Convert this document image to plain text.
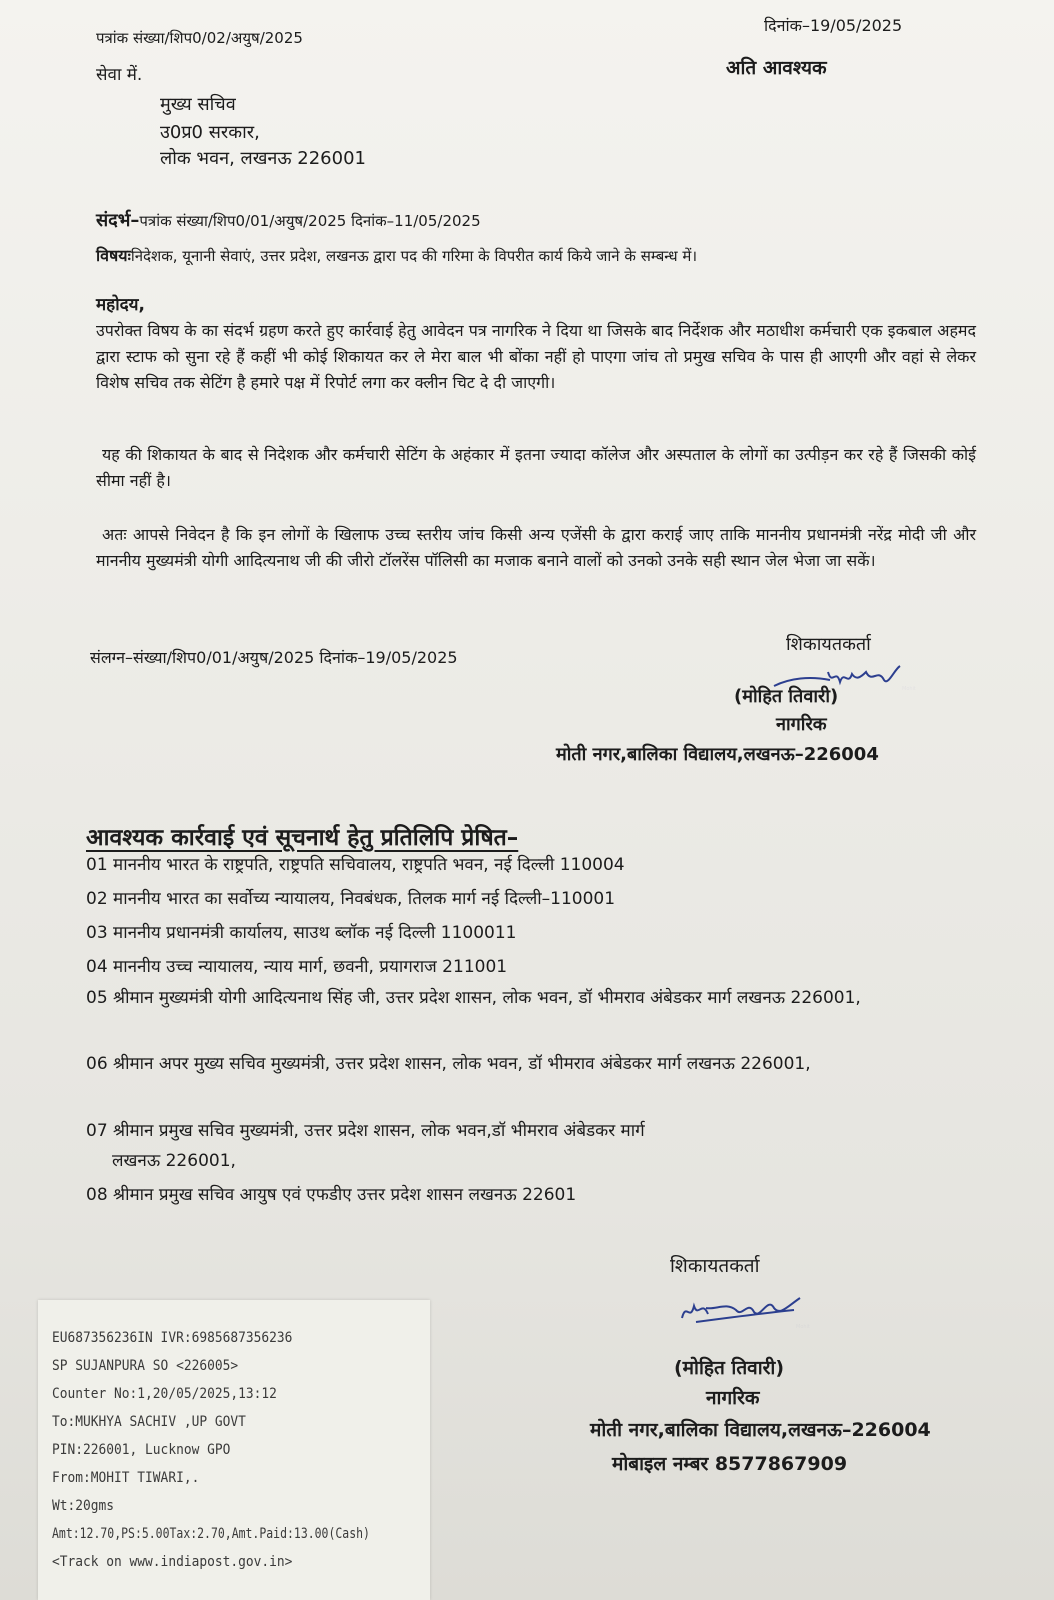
पत्रांक संख्या/शिप0/02/अयुष/2025
दिनांक–19/05/2025
अति आवश्यक
सेवा में.
मुख्य सचिव
उ0प्र0 सरकार,
लोक भवन, लखनऊ 226001
संदर्भ–पत्रांक संख्या/शिप0/01/अयुष/2025 दिनांक–11/05/2025
विषयःनिदेशक, यूनानी सेवाएं, उत्तर प्रदेश, लखनऊ द्वारा पद की गरिमा के विपरीत कार्य किये जाने के सम्बन्ध में।
महोदय,
उपरोक्त विषय के का संदर्भ ग्रहण करते हुए कार्रवाई हेतु आवेदन पत्र नागरिक ने दिया था जिसके बाद निर्देशक और मठाधीश कर्मचारी एक इकबाल अहमद द्वारा स्टाफ को सुना रहे हैं कहीं भी कोई शिकायत कर ले मेरा बाल भी बोंका नहीं हो पाएगा जांच तो प्रमुख सचिव के पास ही आएगी और वहां से लेकर विशेष सचिव तक सेटिंग है हमारे पक्ष में रिपोर्ट लगा कर क्लीन चिट दे दी जाएगी।
यह की शिकायत के बाद से निदेशक और कर्मचारी सेटिंग के अहंकार में इतना ज्यादा कॉलेज और अस्पताल के लोगों का उत्पीड़न कर रहे हैं जिसकी कोई सीमा नहीं है।
अतः आपसे निवेदन है कि इन लोगों के खिलाफ उच्च स्तरीय जांच किसी अन्य एजेंसी के द्वारा कराई जाए ताकि माननीय प्रधानमंत्री नरेंद्र मोदी जी और माननीय मुख्यमंत्री योगी आदित्यनाथ जी की जीरो टॉलरेंस पॉलिसी का मजाक बनाने वालों को उनको उनके सही स्थान जेल भेजा जा सकें।
संलग्न–संख्या/शिप0/01/अयुष/2025 दिनांक–19/05/2025
शिकायतकर्ता
Mohit
(मोहित तिवारी)
नागरिक
मोती नगर,बालिका विद्यालय,लखनऊ–226004
आवश्यक कार्रवाई एवं सूचनार्थ हेतु प्रतिलिपि प्रेषित–
01 माननीय भारत के राष्ट्रपति, राष्ट्रपति सचिवालय, राष्ट्रपति भवन, नई दिल्ली 110004
02 माननीय भारत का सर्वोच्य न्यायालय, निवबंधक, तिलक मार्ग नई दिल्ली–110001
03 माननीय प्रधानमंत्री कार्यालय, साउथ ब्लॉक नई दिल्ली 1100011
04 माननीय उच्च न्यायालय, न्याय मार्ग, छवनी, प्रयागराज 211001
05 श्रीमान मुख्यमंत्री योगी आदित्यनाथ सिंह जी, उत्तर प्रदेश शासन, लोक भवन, डॉ भीमराव अंबेडकर मार्ग लखनऊ 226001,
06 श्रीमान अपर मुख्य सचिव मुख्यमंत्री, उत्तर प्रदेश शासन, लोक भवन, डॉ भीमराव अंबेडकर मार्ग लखनऊ 226001,
07 श्रीमान प्रमुख सचिव मुख्यमंत्री, उत्तर प्रदेश शासन, लोक भवन,डॉ भीमराव अंबेडकर मार्ग
लखनऊ 226001,
08 श्रीमान प्रमुख सचिव आयुष एवं एफडीए उत्तर प्रदेश शासन लखनऊ 22601
शिकायतकर्ता
Mohit
(मोहित तिवारी)
नागरिक
मोती नगर,बालिका विद्यालय,लखनऊ–226004
मोबाइल नम्बर 8577867909
EU687356236IN IVR:6985687356236
SP SUJANPURA SO <226005>
Counter No:1,20/05/2025,13:12
To:MUKHYA SACHIV ,UP GOVT
PIN:226001, Lucknow GPO
From:MOHIT TIWARI,.
Wt:20gms
Amt:12.70,PS:5.00Tax:2.70,Amt.Paid:13.00(Cash)
<Track on www.indiapost.gov.in>
